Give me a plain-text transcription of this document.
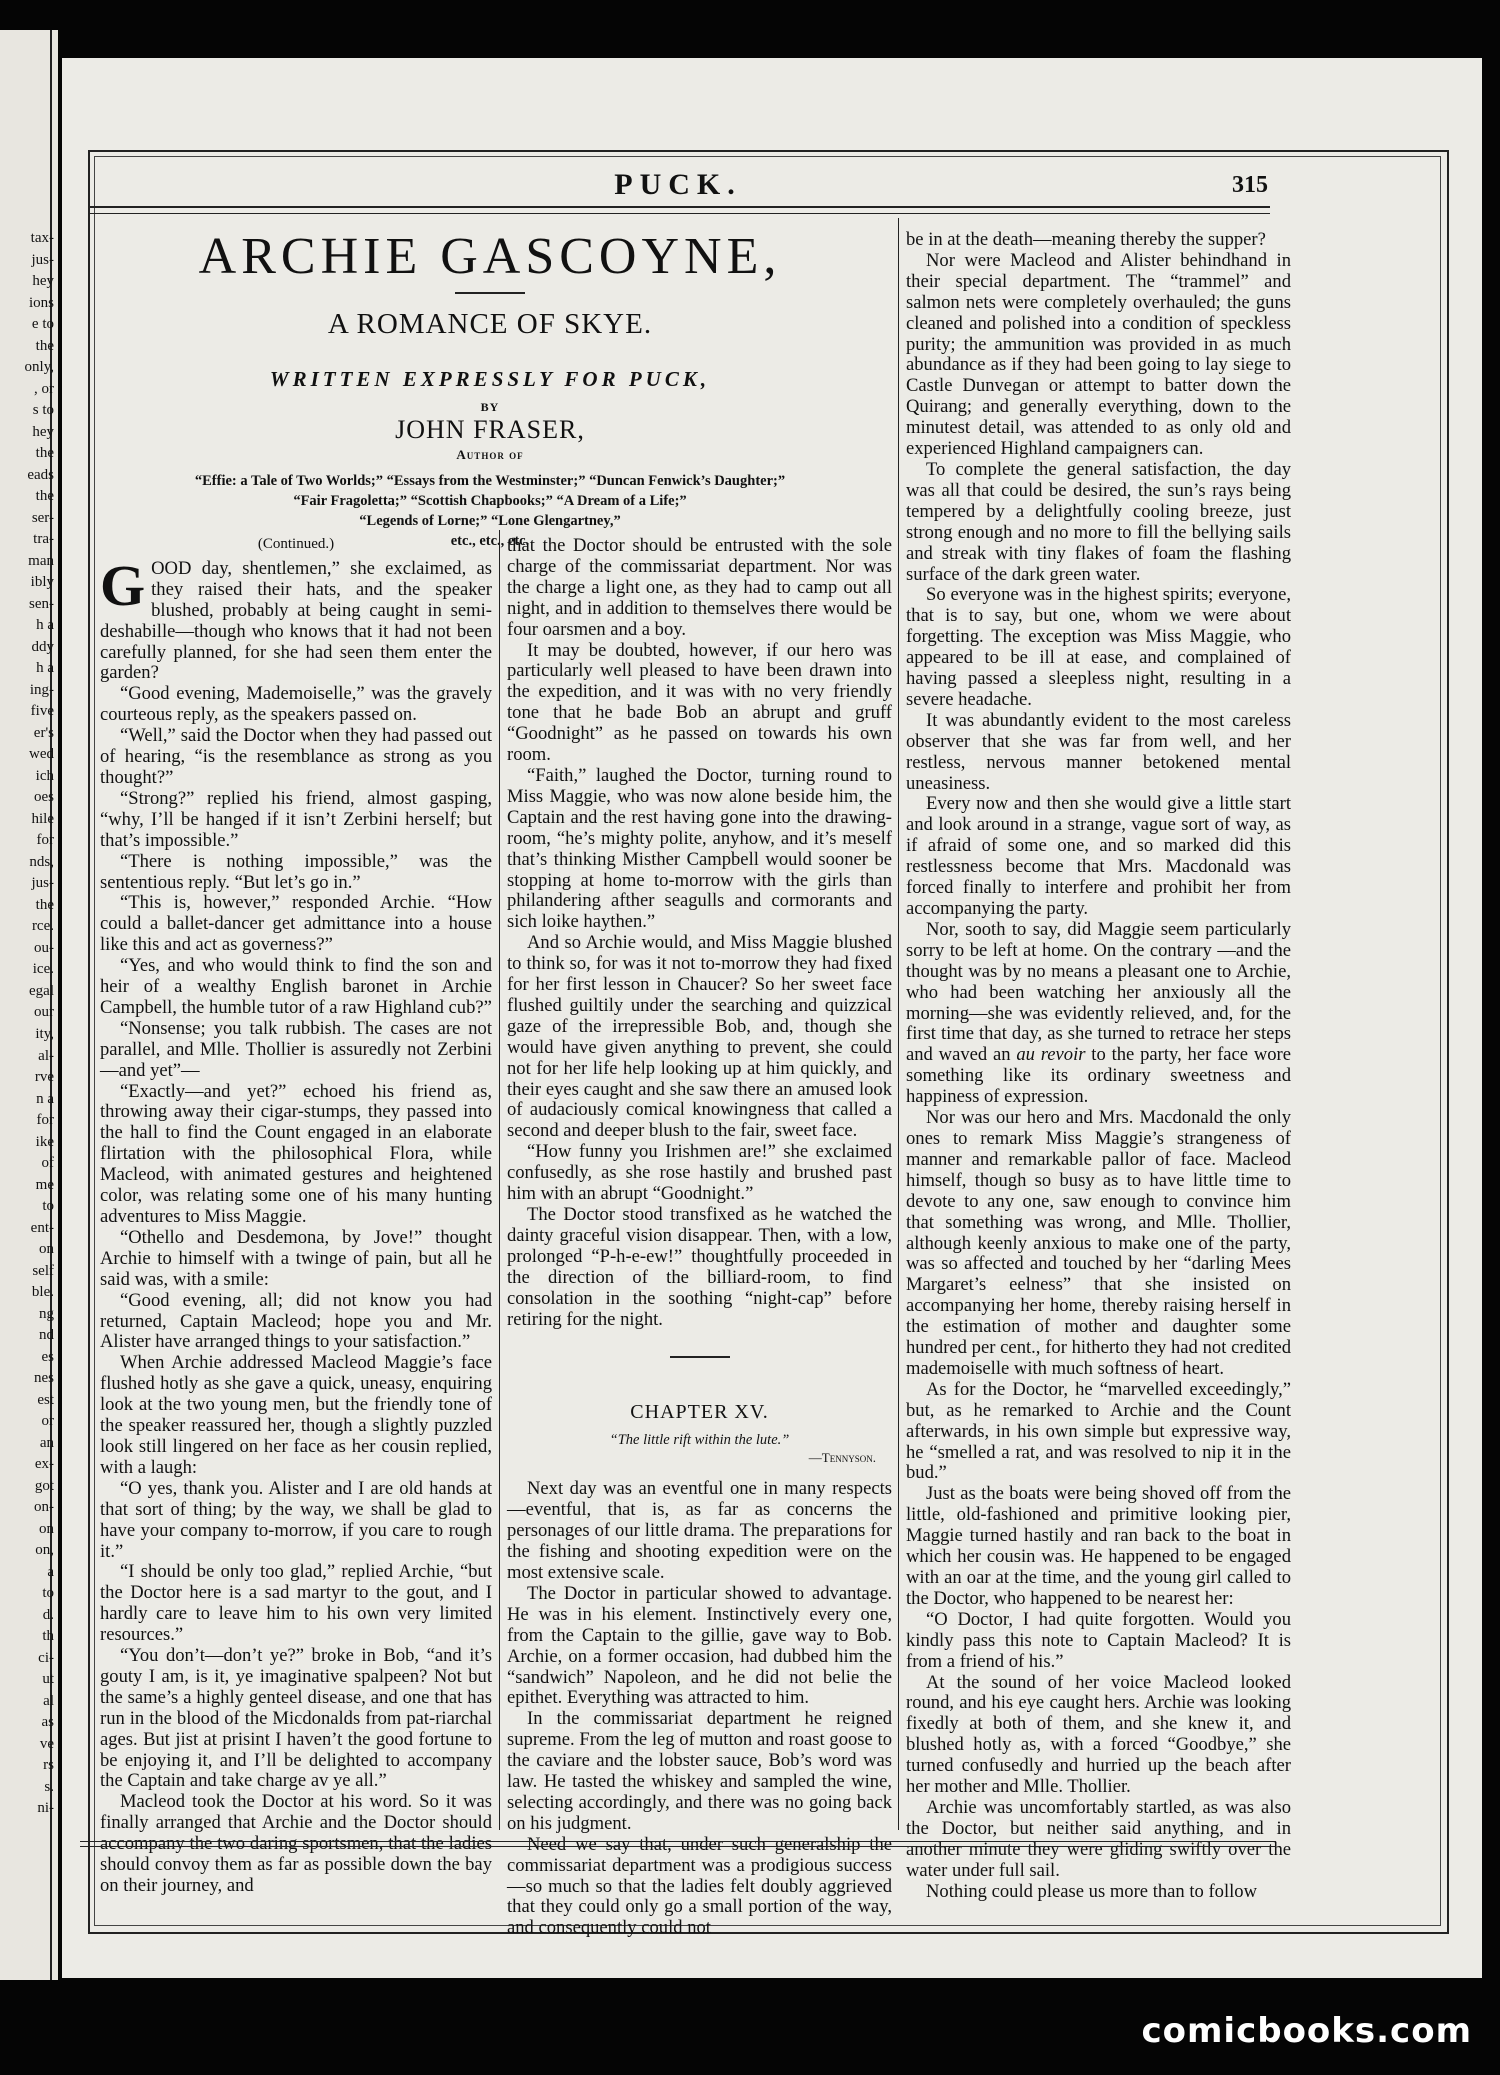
tax-
jus-
hey
ions
e to
the
only,
, or
s to
hey
the
eads
the
ser-
tra-
man
ibly
sen-
h a
ddy
h a
ing-
five
er's
wed
ich
oes
hile
for
nds,
jus-
the
rce.
ou-
ice.
egal
our
ity,
al-
rve
n a
for
ike
of
me
to
ent-
on
self
ble.
ng
nd
es
nes
est
or
an
ex-
got
on-
on
on,
a
to
d.
th
ci-
ut
al
as
ve
rs
s.
ni-
PUCK.	315
ARCHIE GASCOYNE,
A ROMANCE OF SKYE.
WRITTEN EXPRESSLY FOR PUCK,
BY
JOHN FRASER,
Author of
“Effie: a Tale of Two Worlds;” “Essays from the Westminster;” “Duncan Fenwick’s Daughter;”
“Fair Fragoletta;” “Scottish Chapbooks;” “A Dream of a Life;”
“Legends of Lorne;” “Lone Glengartney,”
etc., etc., etc.
(Continued.)

GOOD day, shentlemen,” she exclaimed, as they raised their hats, and the speaker blushed, probably at being caught in semi-deshabille—though who knows that it had not been carefully planned, for she had seen them enter the garden?

“Good evening, Mademoiselle,” was the gravely courteous reply, as the speakers passed on.

“Well,” said the Doctor when they had passed out of hearing, “is the resemblance as strong as you thought?”

“Strong?” replied his friend, almost gasping, “why, I’ll be hanged if it isn’t Zerbini herself; but that’s impossible.”

“There is nothing impossible,” was the sententious reply. “But let’s go in.”

“This is, however,” responded Archie. “How could a ballet-dancer get admittance into a house like this and act as governess?”

“Yes, and who would think to find the son and heir of a wealthy English baronet in Archie Campbell, the humble tutor of a raw Highland cub?”

“Nonsense; you talk rubbish. The cases are not parallel, and Mlle. Thollier is assuredly not Zerbini—and yet”—

“Exactly—and yet?” echoed his friend as, throwing away their cigar-stumps, they passed into the hall to find the Count engaged in an elaborate flirtation with the philosophical Flora, while Macleod, with animated gestures and heightened color, was relating some one of his many hunting adventures to Miss Maggie.

“Othello and Desdemona, by Jove!” thought Archie to himself with a twinge of pain, but all he said was, with a smile:

“Good evening, all; did not know you had returned, Captain Macleod; hope you and Mr. Alister have arranged things to your satisfaction.”

When Archie addressed Macleod Maggie’s face flushed hotly as she gave a quick, uneasy, enquiring look at the two young men, but the friendly tone of the speaker reassured her, though a slightly puzzled look still lingered on her face as her cousin replied, with a laugh:

“O yes, thank you. Alister and I are old hands at that sort of thing; by the way, we shall be glad to have your company to-morrow, if you care to rough it.”

“I should be only too glad,” replied Archie, “but the Doctor here is a sad martyr to the gout, and I hardly care to leave him to his own very limited resources.”

“You don’t—don’t ye?” broke in Bob, “and it’s gouty I am, is it, ye imaginative spalpeen? Not but the same’s a highly genteel disease, and one that has run in the blood of the Micdonalds from pat-riarchal ages. But jist at prisint I haven’t the good fortune to be enjoying it, and I’ll be delighted to accompany the Captain and take charge av ye all.”

Macleod took the Doctor at his word. So it was finally arranged that Archie and the Doctor should accompany the two daring sportsmen, that the ladies should convoy them as far as possible down the bay on their journey, and

that the Doctor should be entrusted with the sole charge of the commissariat department. Nor was the charge a light one, as they had to camp out all night, and in addition to themselves there would be four oarsmen and a boy.

It may be doubted, however, if our hero was particularly well pleased to have been drawn into the expedition, and it was with no very friendly tone that he bade Bob an abrupt and gruff “Goodnight” as he passed on towards his own room.

“Faith,” laughed the Doctor, turning round to Miss Maggie, who was now alone beside him, the Captain and the rest having gone into the drawing-room, “he’s mighty polite, anyhow, and it’s meself that’s thinking Misther Campbell would sooner be stopping at home to-morrow with the girls than philandering afther seagulls and cormorants and sich loike haythen.”

And so Archie would, and Miss Maggie blushed to think so, for was it not to-morrow they had fixed for her first lesson in Chaucer? So her sweet face flushed guiltily under the searching and quizzical gaze of the irrepressible Bob, and, though she would have given anything to prevent, she could not for her life help looking up at him quickly, and their eyes caught and she saw there an amused look of audaciously comical knowingness that called a second and deeper blush to the fair, sweet face.

“How funny you Irishmen are!” she exclaimed confusedly, as she rose hastily and brushed past him with an abrupt “Goodnight.”

The Doctor stood transfixed as he watched the dainty graceful vision disappear. Then, with a low, prolonged “P-h-e-ew!” thoughtfully proceeded in the direction of the billiard-room, to find consolation in the soothing “night-cap” before retiring for the night.

CHAPTER XV.
“The little rift within the lute.”
—Tennyson.

Next day was an eventful one in many respects—eventful, that is, as far as concerns the personages of our little drama. The preparations for the fishing and shooting expedition were on the most extensive scale.

The Doctor in particular showed to advantage. He was in his element. Instinctively every one, from the Captain to the gillie, gave way to Bob. Archie, on a former occasion, had dubbed him the “sandwich” Napoleon, and he did not belie the epithet. Everything was attracted to him.

In the commissariat department he reigned supreme. From the leg of mutton and roast goose to the caviare and the lobster sauce, Bob’s word was law. He tasted the whiskey and sampled the wine, selecting accordingly, and there was no going back on his judgment.

Need we say that, under such generalship the commissariat department was a prodigious success—so much so that the ladies felt doubly aggrieved that they could only go a small portion of the way, and consequently could not

be in at the death—meaning thereby the supper?

Nor were Macleod and Alister behindhand in their special department. The “trammel” and salmon nets were completely overhauled; the guns cleaned and polished into a condition of speckless purity; the ammunition was provided in as much abundance as if they had been going to lay siege to Castle Dunvegan or attempt to batter down the Quirang; and generally everything, down to the minutest detail, was attended to as only old and experienced Highland campaigners can.

To complete the general satisfaction, the day was all that could be desired, the sun’s rays being tempered by a delightfully cooling breeze, just strong enough and no more to fill the bellying sails and streak with tiny flakes of foam the flashing surface of the dark green water.

So everyone was in the highest spirits; everyone, that is to say, but one, whom we were about forgetting. The exception was Miss Maggie, who appeared to be ill at ease, and complained of having passed a sleepless night, resulting in a severe headache.

It was abundantly evident to the most careless observer that she was far from well, and her restless, nervous manner betokened mental uneasiness.

Every now and then she would give a little start and look around in a strange, vague sort of way, as if afraid of some one, and so marked did this restlessness become that Mrs. Macdonald was forced finally to interfere and prohibit her from accompanying the party.

Nor, sooth to say, did Maggie seem particularly sorry to be left at home. On the contrary —and the thought was by no means a pleasant one to Archie, who had been watching her anxiously all the morning—she was evidently relieved, and, for the first time that day, as she turned to retrace her steps and waved an au revoir to the party, her face wore something like its ordinary sweetness and happiness of expression.

Nor was our hero and Mrs. Macdonald the only ones to remark Miss Maggie’s strangeness of manner and remarkable pallor of face. Macleod himself, though so busy as to have little time to devote to any one, saw enough to convince him that something was wrong, and Mlle. Thollier, although keenly anxious to make one of the party, was so affected and touched by her “darling Mees Margaret’s eelness” that she insisted on accompanying her home, thereby raising herself in the estimation of mother and daughter some hundred per cent., for hitherto they had not credited mademoiselle with much softness of heart.

As for the Doctor, he “marvelled exceedingly,” but, as he remarked to Archie and the Count afterwards, in his own simple but expressive way, he “smelled a rat, and was resolved to nip it in the bud.”

Just as the boats were being shoved off from the little, old-fashioned and primitive looking pier, Maggie turned hastily and ran back to the boat in which her cousin was. He happened to be engaged with an oar at the time, and the young girl called to the Doctor, who happened to be nearest her:

“O Doctor, I had quite forgotten. Would you kindly pass this note to Captain Macleod? It is from a friend of his.”

At the sound of her voice Macleod looked round, and his eye caught hers. Archie was looking fixedly at both of them, and she knew it, and blushed hotly as, with a forced “Goodbye,” she turned confusedly and hurried up the beach after her mother and Mlle. Thollier.

Archie was uncomfortably startled, as was also the Doctor, but neither said anything, and in another minute they were gliding swiftly over the water under full sail.

Nothing could please us more than to follow

comicbooks.com
